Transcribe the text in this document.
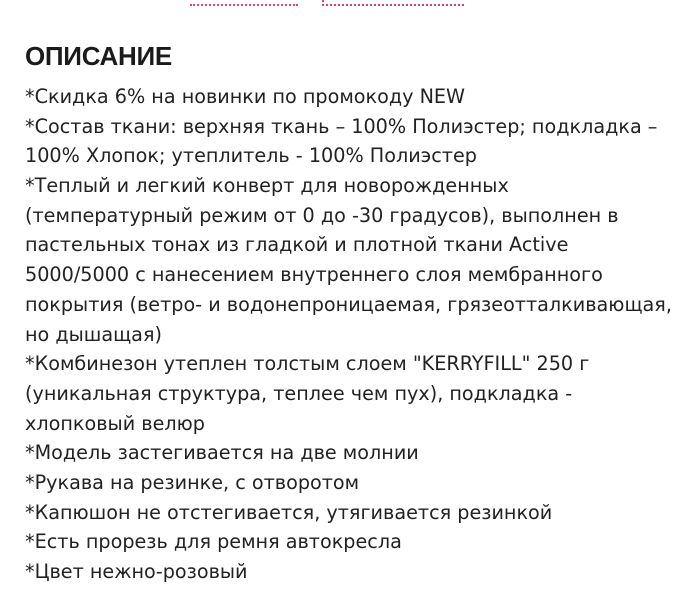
ОПИСАНИЕ
*Скидка 6% на новинки по промокоду NEW
*Состав ткани: верхняя ткань – 100% Полиэстер; подкладка –
100% Хлопок; утеплитель - 100% Полиэстер
*Теплый и легкий конверт для новорожденных
(температурный режим от 0 до -30 градусов), выполнен в
пастельных тонах из гладкой и плотной ткани Active
5000/5000 с нанесением внутреннего слоя мембранного
покрытия (ветро- и водонепроницаемая, грязеотталкивающая,
но дышащая)
*Комбинезон утеплен толстым слоем "KERRYFILL" 250 г
(уникальная структура, теплее чем пух), подкладка -
хлопковый велюр
*Модель застегивается на две молнии
*Рукава на резинке, с отворотом
*Капюшон не отстегивается, утягивается резинкой
*Есть прорезь для ремня автокресла
*Цвет нежно-розовый
